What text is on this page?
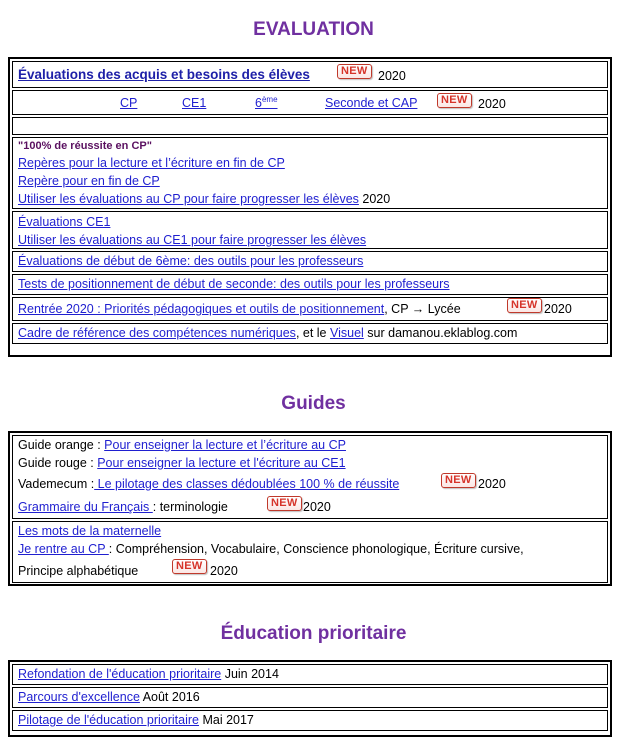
EVALUATION
Évaluations des acquis et besoins des élèves	NEW 2020
CP	CE1	6ème	Seconde et CAP	NEW 2020
"100% de réussite en CP"
Repères pour la lecture et l’écriture en fin de CP
Repère pour en fin de CP
Utiliser les évaluations au CP pour faire progresser les élèves 2020
Évaluations CE1
Utiliser les évaluations au CE1 pour faire progresser les élèves
Évaluations de début de 6ème: des outils pour les professeurs
Tests de positionnement de début de seconde: des outils pour les professeurs
Rentrée 2020 : Priorités pédagogiques et outils de positionnement, CP → Lycée	NEW 2020
Cadre de référence des compétences numériques, et le Visuel sur damanou.eklablog.com
Guides
Guide orange : Pour enseigner la lecture et l’écriture au CP
Guide rouge : Pour enseigner la lecture et l'écriture au CE1
Vademecum : Le pilotage des classes dédoublées 100 % de réussite	NEW 2020
Grammaire du Français : terminologie	NEW 2020
Les mots de la maternelle
Je rentre au CP : Compréhension, Vocabulaire, Conscience phonologique, Écriture cursive,
Principe alphabétique	NEW 2020
Éducation prioritaire
Refondation de l'éducation prioritaire Juin 2014
Parcours d'excellence Août 2016
Pilotage de l'éducation prioritaire Mai 2017
